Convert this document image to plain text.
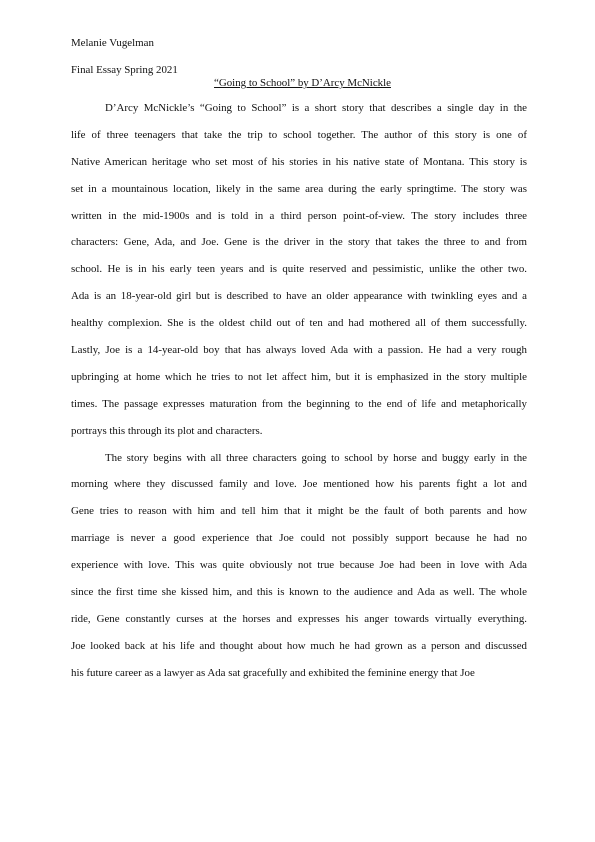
Melanie Vugelman
Final Essay Spring 2021
“Going to School” by D’Arcy McNickle
D’Arcy McNickle’s “Going to School” is a short story that describes a single day in the
life of three teenagers that take the trip to school together. The author of this story is one of
Native American heritage who set most of his stories in his native state of Montana. This story is
set in a mountainous location, likely in the same area during the early springtime. The story was
written in the mid-1900s and is told in a third person point-of-view. The story includes three
characters: Gene, Ada, and Joe. Gene is the driver in the story that takes the three to and from
school. He is in his early teen years and is quite reserved and pessimistic, unlike the other two.
Ada is an 18-year-old girl but is described to have an older appearance with twinkling eyes and a
healthy complexion. She is the oldest child out of ten and had mothered all of them successfully.
Lastly, Joe is a 14-year-old boy that has always loved Ada with a passion. He had a very rough
upbringing at home which he tries to not let affect him, but it is emphasized in the story multiple
times. The passage expresses maturation from the beginning to the end of life and metaphorically
portrays this through its plot and characters.
The story begins with all three characters going to school by horse and buggy early in the
morning where they discussed family and love. Joe mentioned how his parents fight a lot and
Gene tries to reason with him and tell him that it might be the fault of both parents and how
marriage is never a good experience that Joe could not possibly support because he had no
experience with love. This was quite obviously not true because Joe had been in love with Ada
since the first time she kissed him, and this is known to the audience and Ada as well. The whole
ride, Gene constantly curses at the horses and expresses his anger towards virtually everything.
Joe looked back at his life and thought about how much he had grown as a person and discussed
his future career as a lawyer as Ada sat gracefully and exhibited the feminine energy that Joe
